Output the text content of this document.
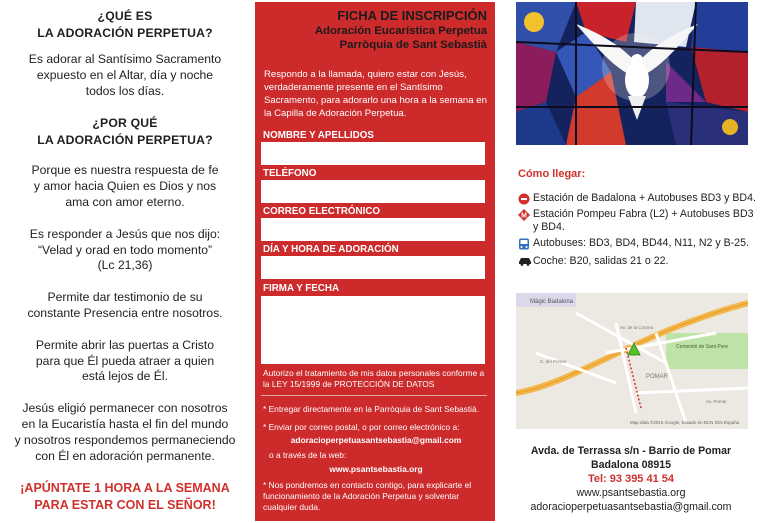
¿QUÉ ES
LA ADORACIÓN PERPETUA?
Es adorar al Santísimo Sacramento
expuesto en el Altar, día y noche
todos los días.
¿POR QUÉ
LA ADORACIÓN PERPETUA?
Porque es nuestra respuesta de fe
y amor hacia Quien es Dios y nos
ama con amor eterno.
Es responder a Jesús que nos dijo:
“Velad y orad en todo momento”
(Lc 21,36)
Permite dar testimonio de su
constante Presencia entre nosotros.
Permite abrir las puertas a Cristo
para que Él pueda atraer a quien
está lejos de Él.
Jesús eligió permanecer con nosotros
en la Eucaristía hasta el fin del mundo
y nosotros respondemos permaneciendo
con Él en adoración permanente.
¡APÚNTATE 1 HORA A LA SEMANA
PARA ESTAR CON EL SEÑOR!
FICHA DE INSCRIPCIÓN
Adoración Eucarística Perpetua
Parròquia de Sant Sebastià
Respondo a la llamada, quiero estar con Jesús, verdaderamente presente en el Santísimo Sacramento, para adorarlo una hora a la semana en la Capilla de Adoración Perpetua.
NOMBRE Y APELLIDOS
TELÉFONO
CORREO ELECTRÓNICO
DÍA Y HORA DE ADORACIÓN
FIRMA Y FECHA
Autorizo el tratamiento de mis datos personales conforme a la LEY 15/1999 de PROTECCIÓN DE DATOS
* Entregar directamente en la Parròquia de Sant Sebastià.
* Enviar por correo postal, o por correo electrónico a:
adoracioperpetuasantsebastia@gmail.com
o a través de la web:
www.psantsebastia.org
* Nos pondremos en contacto contigo, para explicarte el funcionamiento de la Adoración Perpetua y solventar cualquier duda.
Cómo llegar:
Estación de Badalona + Autobuses BD3 y BD4.
M Estación Pompeu Fabra (L2) + Autobuses BD3 y BD4.
Autobuses: BD3, BD4, BD44, N11, N2 y B-25.
Coche: B20, salidas 21 o 22.
Màgic Badalona
Cementiri de Sant Pere
POMAR
Av. de la Conrea
C. del Pomar
Av. Pomar
Map data ©2016 Google, basado en BCN IGN España
Avda. de Terrassa s/n - Barrio de Pomar
Badalona 08915
Tel: 93 395 41 54
www.psantsebastia.org
adoracioperpetuasantsebastia@gmail.com
